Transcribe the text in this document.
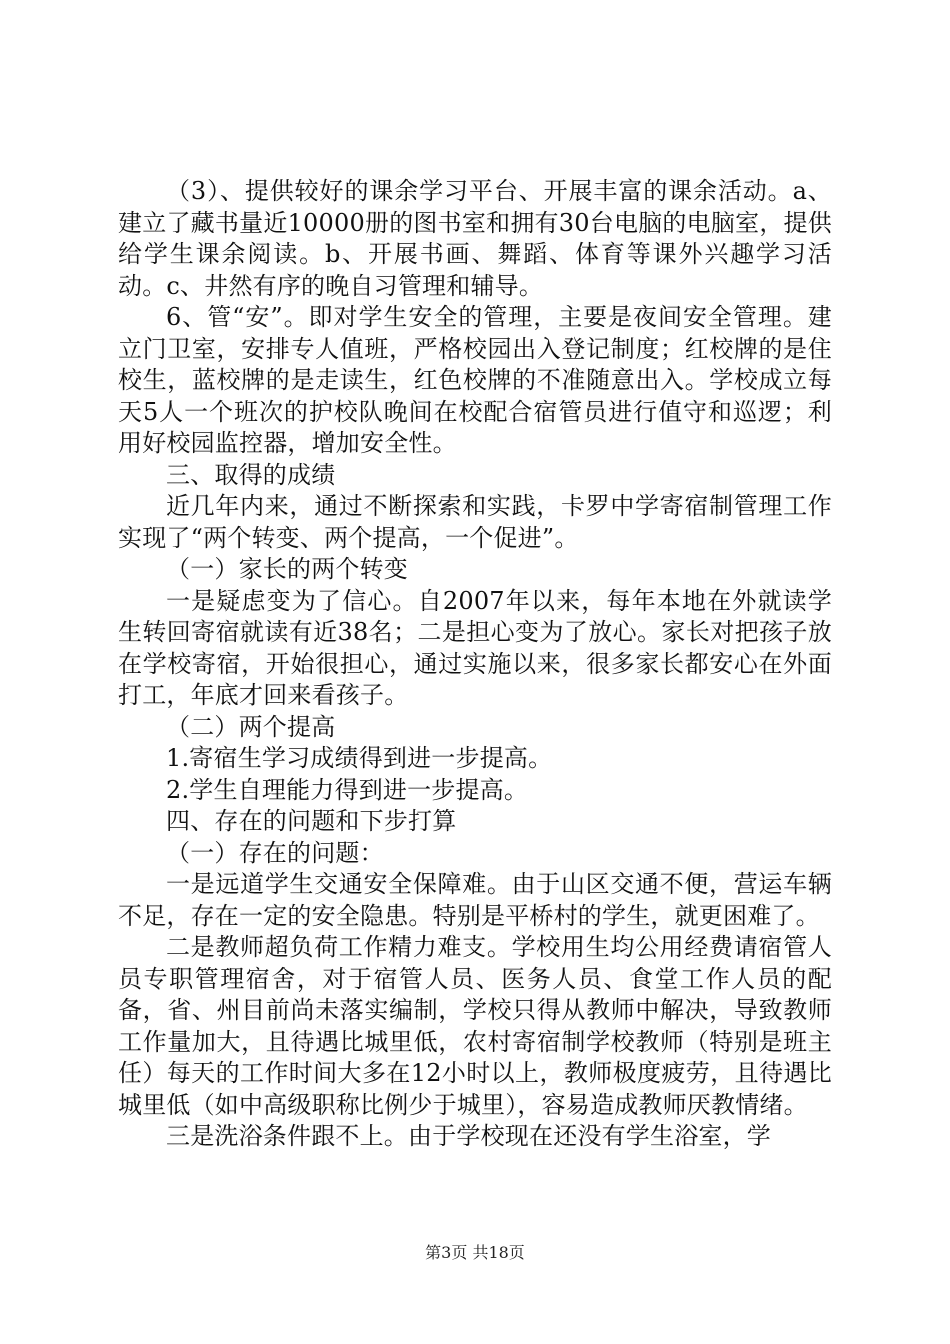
（3）、提供较好的课余学习平台、开展丰富的课余活动。a、建立了藏书量近10000册的图书室和拥有30台电脑的电脑室，提供给学生课余阅读。b、开展书画、舞蹈、体育等课外兴趣学习活动。c、井然有序的晚自习管理和辅导。

6、管“安”。即对学生安全的管理，主要是夜间安全管理。建立门卫室，安排专人值班，严格校园出入登记制度；红校牌的是住校生，蓝校牌的是走读生，红色校牌的不准随意出入。学校成立每天5人一个班次的护校队晚间在校配合宿管员进行值守和巡逻；利用好校园监控器，增加安全性。

三、取得的成绩

近几年内来，通过不断探索和实践，卡罗中学寄宿制管理工作实现了“两个转变、两个提高，一个促进”。

（一）家长的两个转变

一是疑虑变为了信心。自2007年以来，每年本地在外就读学生转回寄宿就读有近38名；二是担心变为了放心。家长对把孩子放在学校寄宿，开始很担心，通过实施以来，很多家长都安心在外面打工，年底才回来看孩子。

（二）两个提高

1.寄宿生学习成绩得到进一步提高。

2.学生自理能力得到进一步提高。

四、存在的问题和下步打算

（一）存在的问题：

一是远道学生交通安全保障难。由于山区交通不便，营运车辆不足，存在一定的安全隐患。特别是平桥村的学生，就更困难了。

二是教师超负荷工作精力难支。学校用生均公用经费请宿管人员专职管理宿舍，对于宿管人员、医务人员、食堂工作人员的配备，省、州目前尚未落实编制，学校只得从教师中解决，导致教师工作量加大，且待遇比城里低，农村寄宿制学校教师（特别是班主任）每天的工作时间大多在12小时以上，教师极度疲劳，且待遇比城里低（如中高级职称比例少于城里），容易造成教师厌教情绪。

三是洗浴条件跟不上。由于学校现在还没有学生浴室，学

第3页 共18页
